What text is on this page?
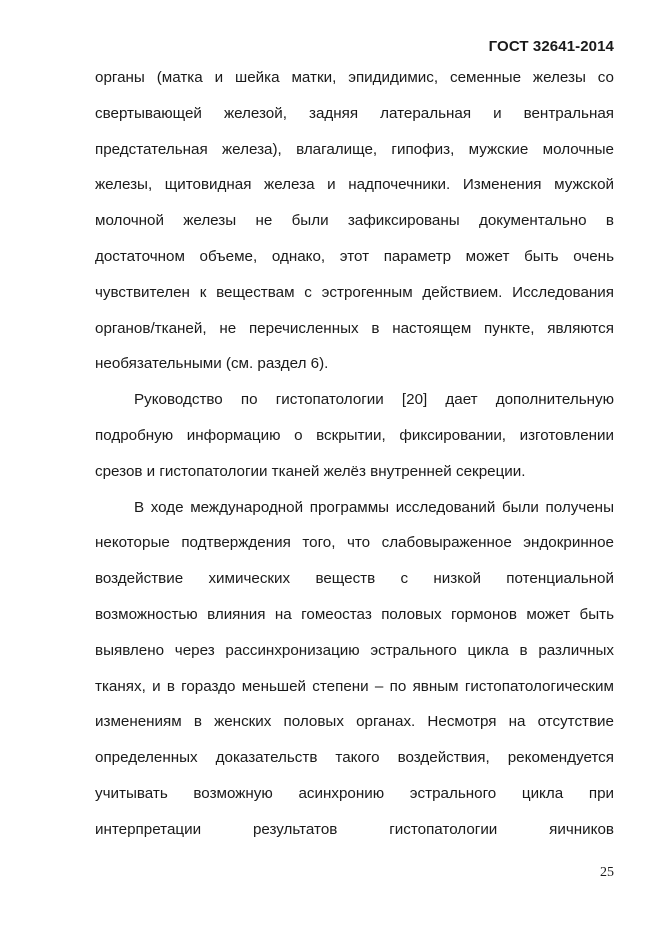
ГОСТ 32641-2014

органы (матка и шейка матки, эпидидимис, семенные железы со свертывающей железой, задняя латеральная и вентральная предстательная железа), влагалище, гипофиз, мужские молочные железы, щитовидная железа и надпочечники. Изменения мужской молочной железы не были зафиксированы документально в достаточном объеме, однако, этот параметр может быть очень чувствителен к веществам с эстрогенным действием. Исследования органов/тканей, не перечисленных в настоящем пункте, являются необязательными (см. раздел 6).

Руководство по гистопатологии [20] дает дополнительную подробную информацию о вскрытии, фиксировании, изготовлении срезов и гистопатологии тканей желёз внутренней секреции.

В ходе международной программы исследований были получены некоторые подтверждения того, что слабовыраженное эндокринное воздействие химических веществ с низкой потенциальной возможностью влияния на гомеостаз половых гормонов может быть выявлено через рассинхронизацию эстрального цикла в различных тканях, и в гораздо меньшей степени – по явным гистопатологическим изменениям в женских половых органах. Несмотря на отсутствие определенных доказательств такого воздействия, рекомендуется учитывать возможную асинхронию эстрального цикла при интерпретации результатов гистопатологии яичников

25
